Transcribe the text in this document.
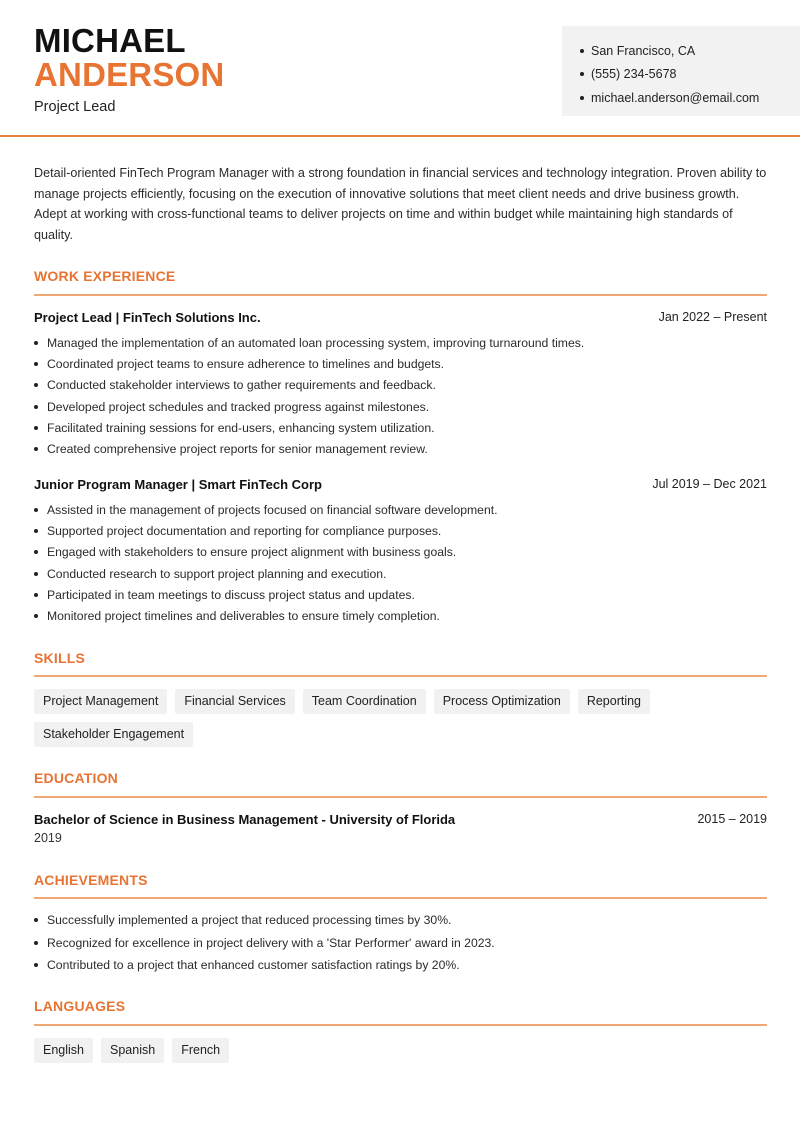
MICHAEL
ANDERSON
Project Lead
San Francisco, CA
(555) 234-5678
michael.anderson@email.com

Detail-oriented FinTech Program Manager with a strong foundation in financial services and technology integration. Proven ability to manage projects efficiently, focusing on the execution of innovative solutions that meet client needs and drive business growth. Adept at working with cross-functional teams to deliver projects on time and within budget while maintaining high standards of quality.

WORK EXPERIENCE
Project Lead | FinTech Solutions Inc.	Jan 2022 – Present
Managed the implementation of an automated loan processing system, improving turnaround times.
Coordinated project teams to ensure adherence to timelines and budgets.
Conducted stakeholder interviews to gather requirements and feedback.
Developed project schedules and tracked progress against milestones.
Facilitated training sessions for end-users, enhancing system utilization.
Created comprehensive project reports for senior management review.
Junior Program Manager | Smart FinTech Corp	Jul 2019 – Dec 2021
Assisted in the management of projects focused on financial software development.
Supported project documentation and reporting for compliance purposes.
Engaged with stakeholders to ensure project alignment with business goals.
Conducted research to support project planning and execution.
Participated in team meetings to discuss project status and updates.
Monitored project timelines and deliverables to ensure timely completion.
SKILLS
Project Management	Financial Services	Team Coordination	Process Optimization	Reporting
Stakeholder Engagement
EDUCATION
Bachelor of Science in Business Management - University of Florida	2015 – 2019
2019
ACHIEVEMENTS
Successfully implemented a project that reduced processing times by 30%.
Recognized for excellence in project delivery with a 'Star Performer' award in 2023.
Contributed to a project that enhanced customer satisfaction ratings by 20%.
LANGUAGES
English	Spanish	French
